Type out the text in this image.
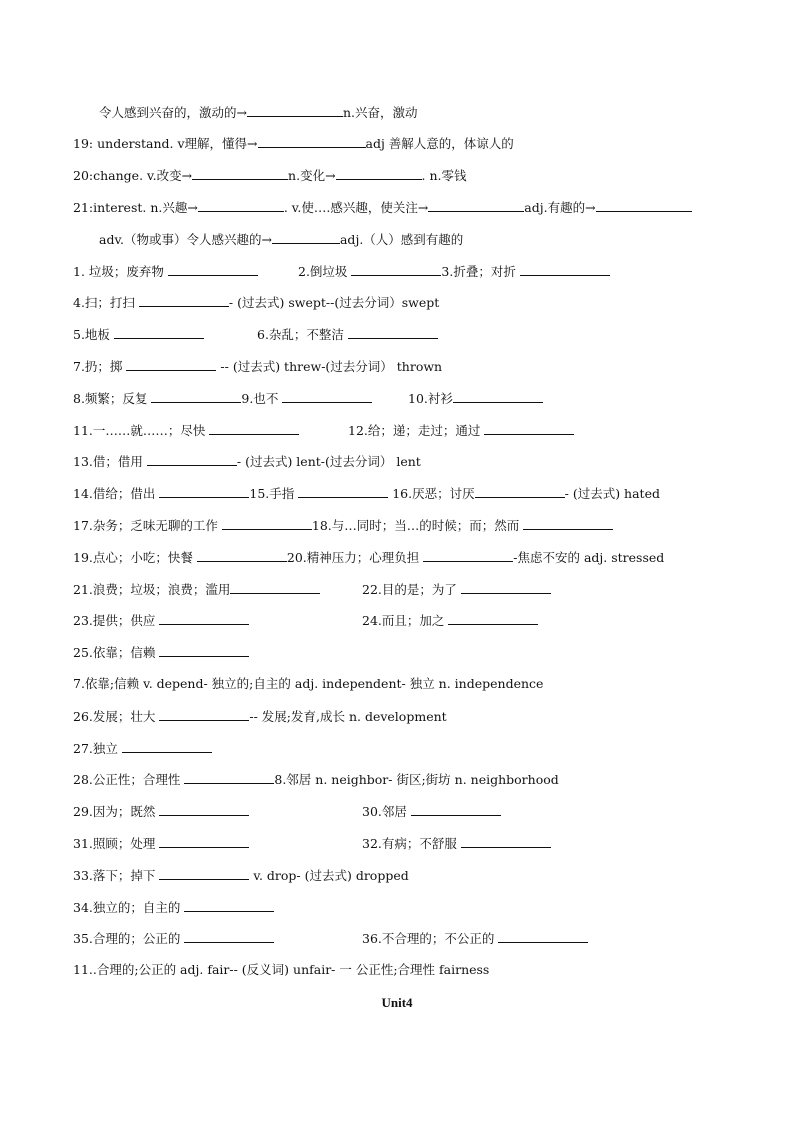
令人感到兴奋的，激动的→	n.兴奋，激动
19: understand. v理解，懂得→	adj 善解人意的，体谅人的
20:change. v.改变→	n.变化→	. n.零钱
21:interest. n.兴趣→	. v.使….感兴趣，使关注→	adj.有趣的→
adv.（物或事）令人感兴趣的→	adj.（人）感到有趣的
1. 垃圾；废弃物	2.倒垃圾	3.折叠；对折
4.扫；打扫	- (过去式) swept--(过去分词）swept
5.地板	6.杂乱；不整洁
7.扔；掷	-- (过去式) threw-(过去分词） thrown
8.频繁；反复	9.也不	10.衬衫
11.一……就……；尽快	12.给；递；走过；通过
13.借；借用	- (过去式) lent-(过去分词） lent
14.借给；借出	15.手指	16.厌恶；讨厌	- (过去式) hated
17.杂务；乏味无聊的工作	18.与…同时；当…的时候；而；然而
19.点心；小吃；快餐	20.精神压力；心理负担	-焦虑不安的 adj. stressed
21.浪费；垃圾；浪费；滥用	22.目的是；为了
23.提供；供应	24.而且；加之
25.依靠；信赖
7.依靠;信赖 v. depend- 独立的;自主的 adj. independent- 独立 n. independence
26.发展；壮大	-- 发展;发育,成长 n. development
27.独立
28.公正性；合理性	8.邻居 n. neighbor- 街区;街坊 n. neighborhood
29.因为；既然	30.邻居
31.照顾；处理	32.有病；不舒服
33.落下；掉下	v. drop- (过去式) dropped
34.独立的；自主的
35.合理的；公正的	36.不合理的；不公正的
11..合理的;公正的 adj. fair-- (反义词) unfair- 一 公正性;合理性 fairness
Unit4
